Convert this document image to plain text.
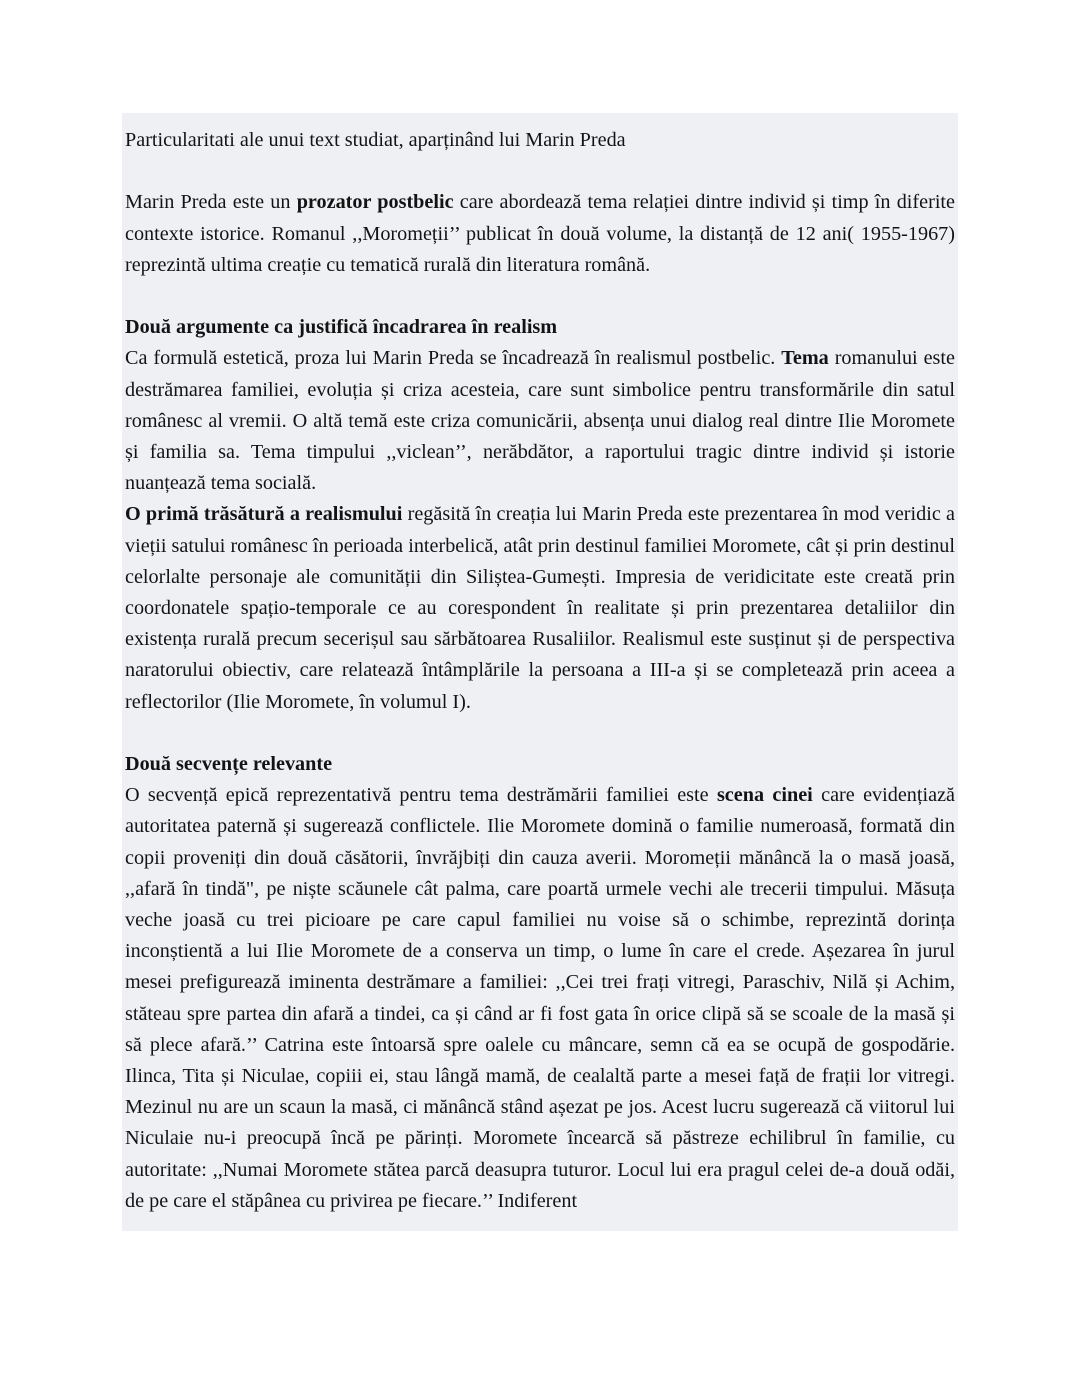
Particularitati ale unui text studiat, aparținând lui Marin Preda

Marin Preda este un prozator postbelic care abordează tema relației dintre individ și timp în diferite contexte istorice. Romanul ,,Moromeții’’ publicat în două volume, la distanță de 12 ani( 1955-1967) reprezintă ultima creație cu tematică rurală din literatura română.

Două argumente ca justifică încadrarea în realism

Ca formulă estetică, proza lui Marin Preda se încadrează în realismul postbelic. Tema romanului este destrămarea familiei, evoluția și criza acesteia, care sunt simbolice pentru transformările din satul românesc al vremii. O altă temă este criza comunicării, absența unui dialog real dintre Ilie Moromete și familia sa. Tema timpului ,,viclean’’, nerăbdător, a raportului tragic dintre individ și istorie nuanțează tema socială.

O primă trăsătură a realismului regăsită în creația lui Marin Preda este prezentarea în mod veridic a vieții satului românesc în perioada interbelică, atât prin destinul familiei Moromete, cât și prin destinul celorlalte personaje ale comunității din Siliștea-Gumești. Impresia de veridicitate este creată prin coordonatele spațio-temporale ce au corespondent în realitate și prin prezentarea detaliilor din existența rurală precum secerișul sau sărbătoarea Rusaliilor. Realismul este susținut și de perspectiva naratorului obiectiv, care relatează întâmplările la persoana a III-a și se completează prin aceea a reflectorilor (Ilie Moromete, în volumul I).

Două secvențe relevante

O secvență epică reprezentativă pentru tema destrămării familiei este scena cinei care evidențiază autoritatea paternă și sugerează conflictele. Ilie Moromete domină o familie numeroasă, formată din copii proveniți din două căsătorii, învrăjbiți din cauza averii. Moromeții mănâncă la o masă joasă, ,,afară în tindă", pe niște scăunele cât palma, care poartă urmele vechi ale trecerii timpului. Măsuța veche joasă cu trei picioare pe care capul familiei nu voise să o schimbe, reprezintă dorința inconștientă a lui Ilie Moromete de a conserva un timp, o lume în care el crede. Așezarea în jurul mesei prefigurează iminenta destrămare a familiei: ,,Cei trei frați vitregi, Paraschiv, Nilă și Achim, stăteau spre partea din afară a tindei, ca și când ar fi fost gata în orice clipă să se scoale de la masă și să plece afară.’’ Catrina este întoarsă spre oalele cu mâncare, semn că ea se ocupă de gospodărie. Ilinca, Tita și Niculae, copiii ei, stau lângă mamă, de cealaltă parte a mesei față de frații lor vitregi. Mezinul nu are un scaun la masă, ci mănâncă stând așezat pe jos. Acest lucru sugerează că viitorul lui Niculaie nu-i preocupă încă pe părinți. Moromete încearcă să păstreze echilibrul în familie, cu autoritate: ,,Numai Moromete stătea parcă deasupra tuturor. Locul lui era pragul celei de-a două odăi, de pe care el stăpânea cu privirea pe fiecare.’’ Indiferent
